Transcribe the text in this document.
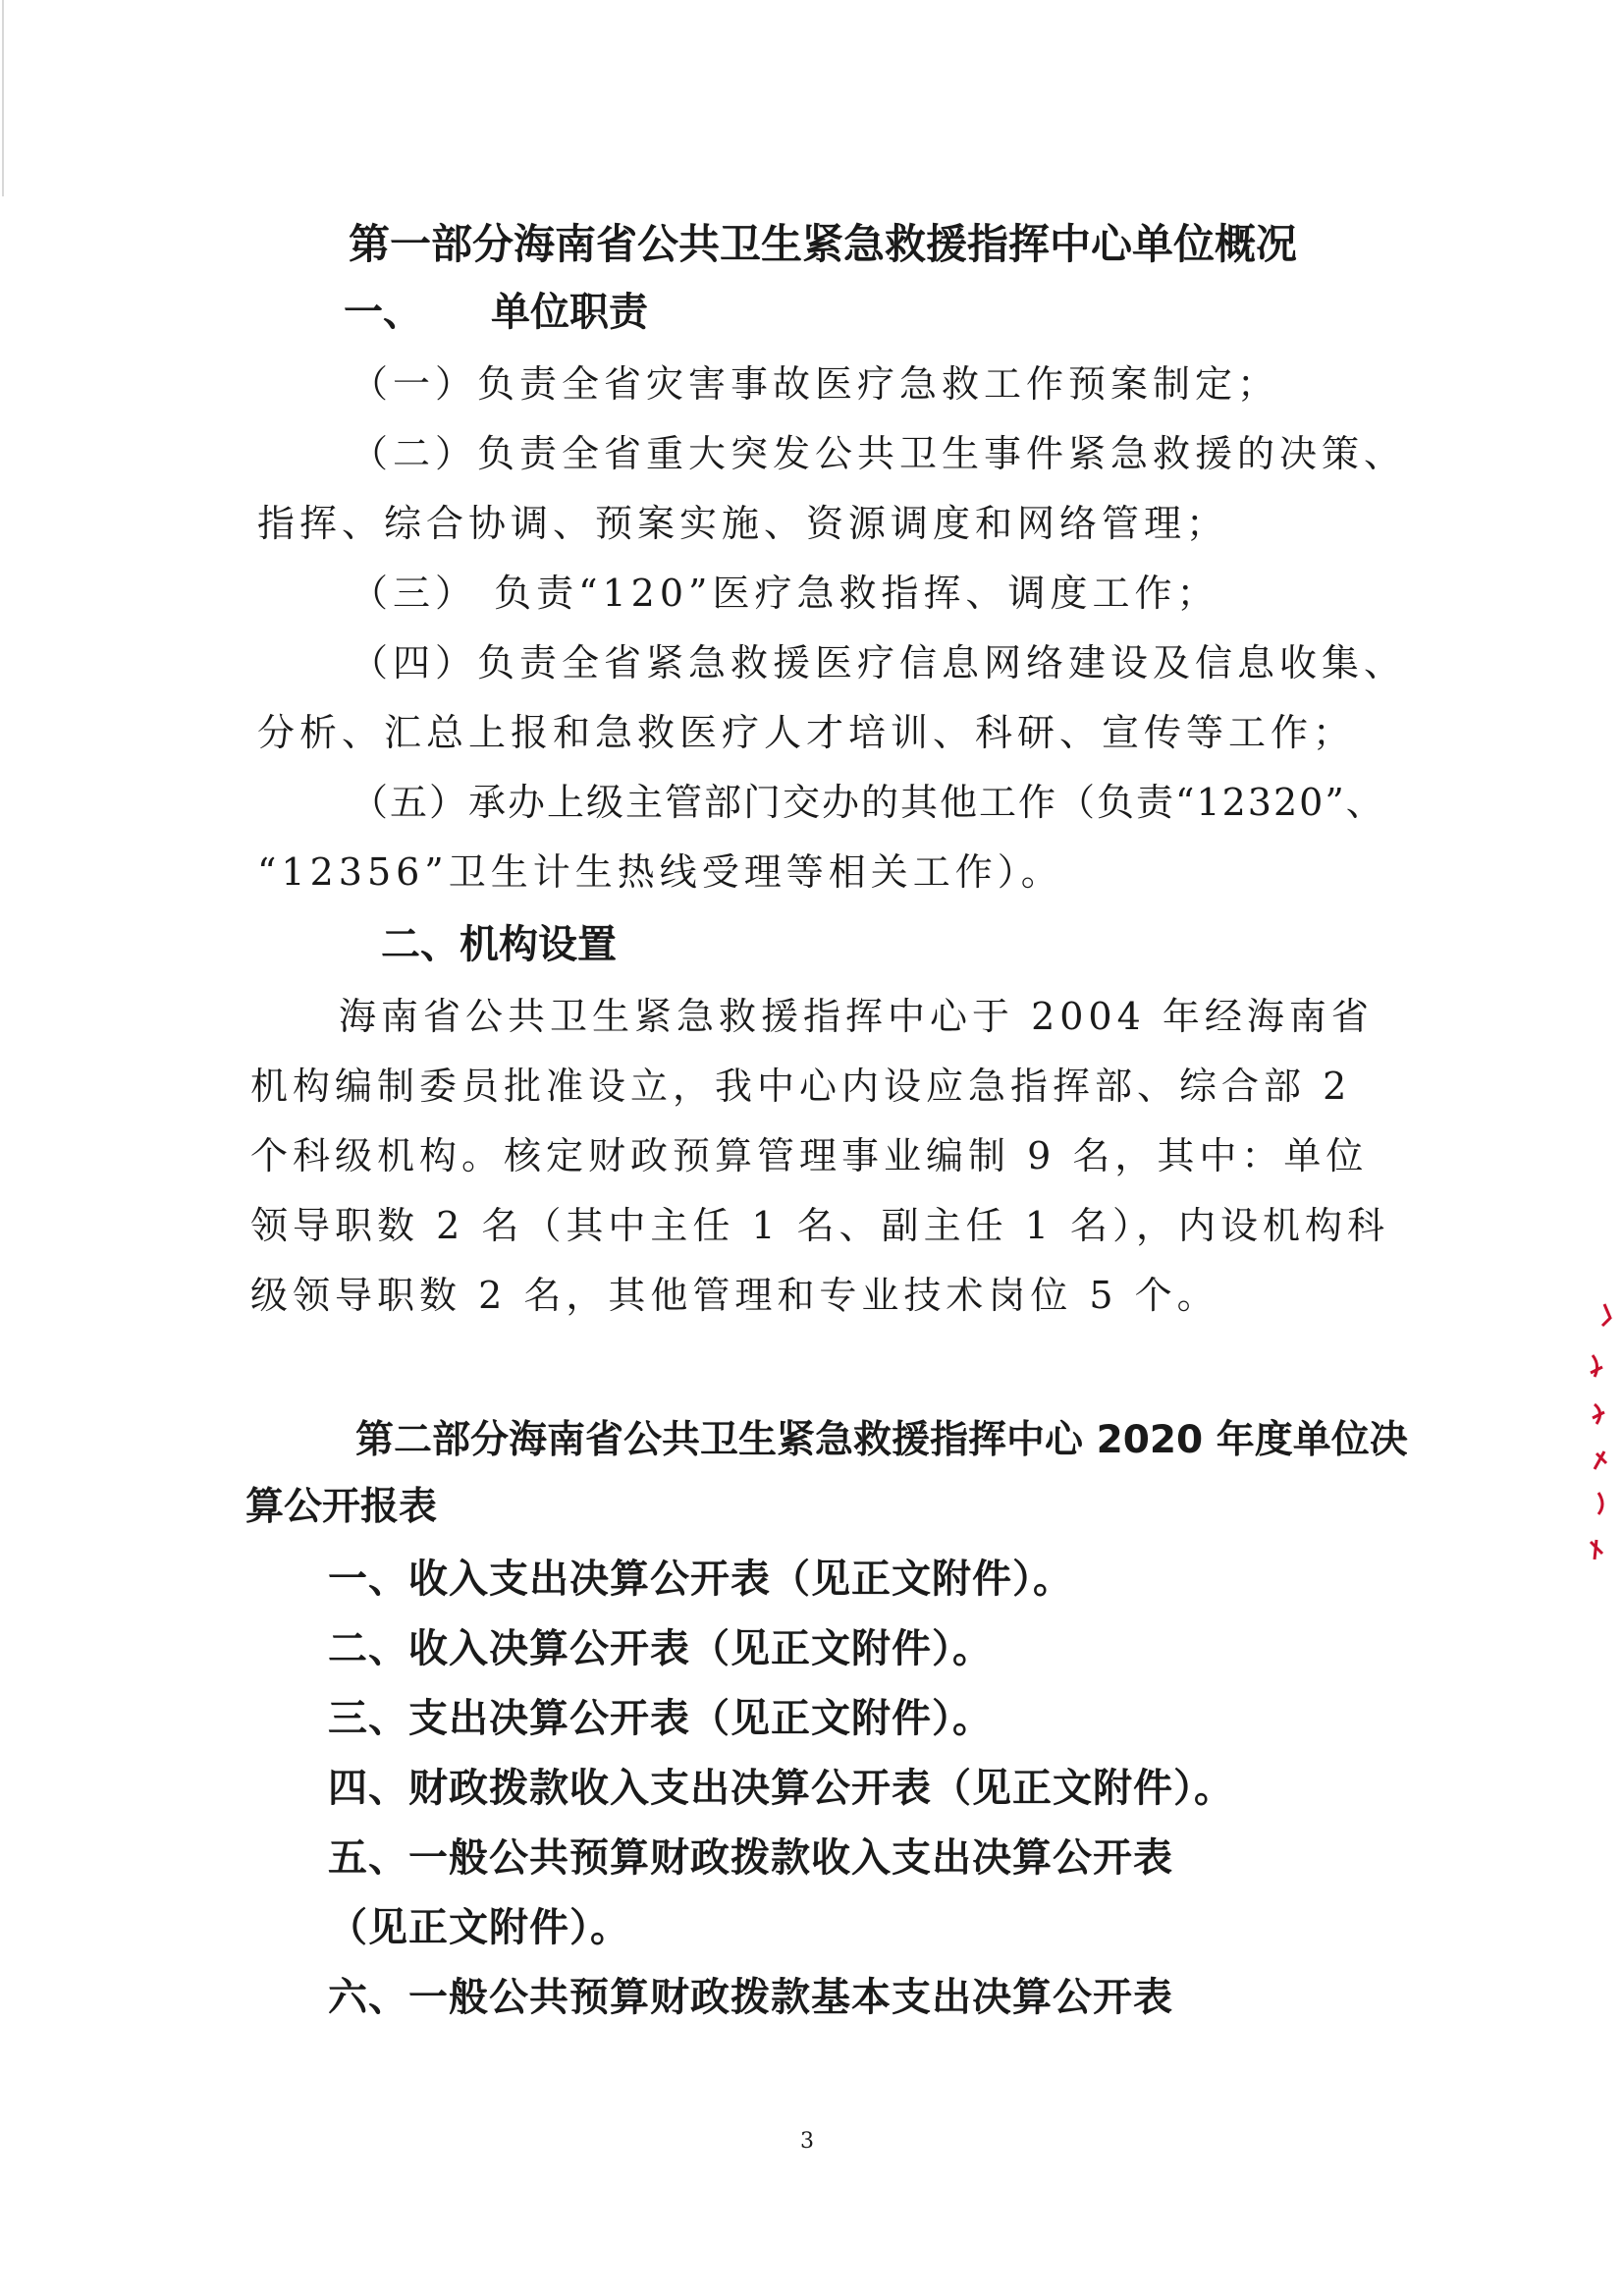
第一部分海南省公共卫生紧急救援指挥中心单位概况
一、 单位职责
（一）负责全省灾害事故医疗急救工作预案制定；
（二）负责全省重大突发公共卫生事件紧急救援的决策、
指挥、综合协调、预案实施、资源调度和网络管理；
（三） 负责“120”医疗急救指挥、调度工作；
（四）负责全省紧急救援医疗信息网络建设及信息收集、
分析、汇总上报和急救医疗人才培训、科研、宣传等工作；
（五）承办上级主管部门交办的其他工作（负责“12320”、
“12356”卫生计生热线受理等相关工作）。
二、机构设置
海南省公共卫生紧急救援指挥中心于 2004 年经海南省
机构编制委员批准设立，我中心内设应急指挥部、综合部 2
个科级机构。核定财政预算管理事业编制 9 名，其中：单位
领导职数 2 名（其中主任 1 名、副主任 1 名），内设机构科
级领导职数 2 名，其他管理和专业技术岗位 5 个。
第二部分海南省公共卫生紧急救援指挥中心 2020 年度单位决
算公开报表
一、收入支出决算公开表（见正文附件）。
二、收入决算公开表（见正文附件）。
三、支出决算公开表（见正文附件）。
四、财政拨款收入支出决算公开表（见正文附件）。
五、一般公共预算财政拨款收入支出决算公开表
（见正文附件）。
六、一般公共预算财政拨款基本支出决算公开表
3
